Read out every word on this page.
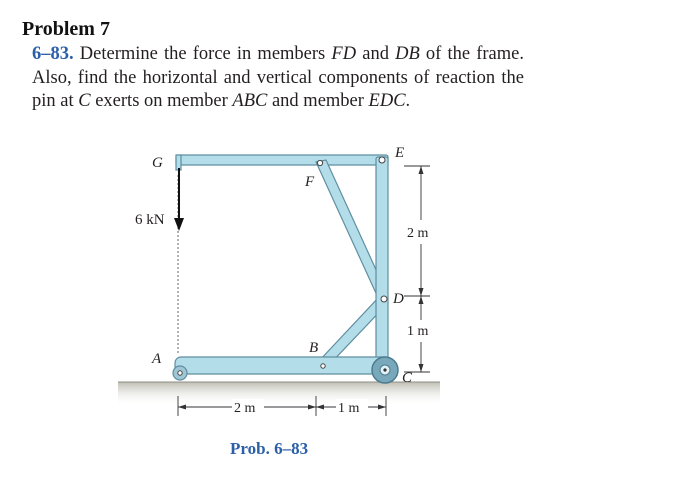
Problem 7
6–83. Determine the force in members FD and DB of the frame. Also, find the horizontal and vertical components of reaction the pin at C exerts on member ABC and member EDC.
2 m
1 m
2 m	1 m
G
F
E
D
B
A
C
6 kN
Prob. 6–83
